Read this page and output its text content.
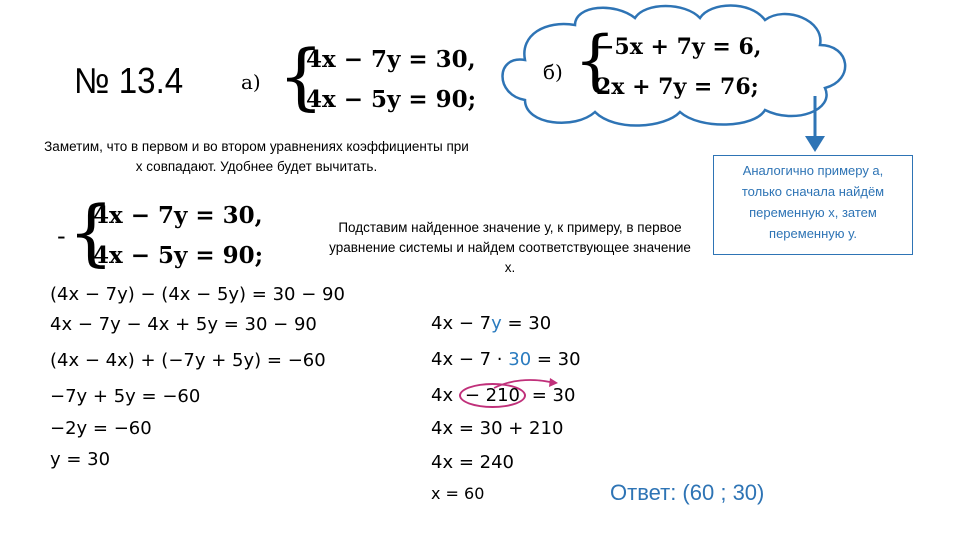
№ 13.4	а) {
4x − 7y = 30,
4x − 5y = 90;
б) {
−5x + 7y = 6,
2x + 7y = 76;
Аналогично примеру а,
только сначала найдём
переменную х, затем
переменную у.
Заметим, что в первом и во втором уравнениях коэффициенты при
х совпадают. Удобнее будет вычитать.
- {
4x − 7y = 30,
4x − 5y = 90;
(4x − 7y) − (4x − 5y) = 30 − 90
4x − 7y − 4x + 5y = 30 − 90
(4x − 4x) + (−7y + 5y) = −60
−7y + 5y = −60
−2y = −60
y = 30
Подставим найденное значение у, к примеру, в первое
уравнение системы и найдем соответствующее значение
х.
4x − 7y = 30
4x − 7 · 30 = 30
4x − 210 = 30
4x = 30 + 210
4x = 240
x = 60	Ответ: (60 ; 30)
